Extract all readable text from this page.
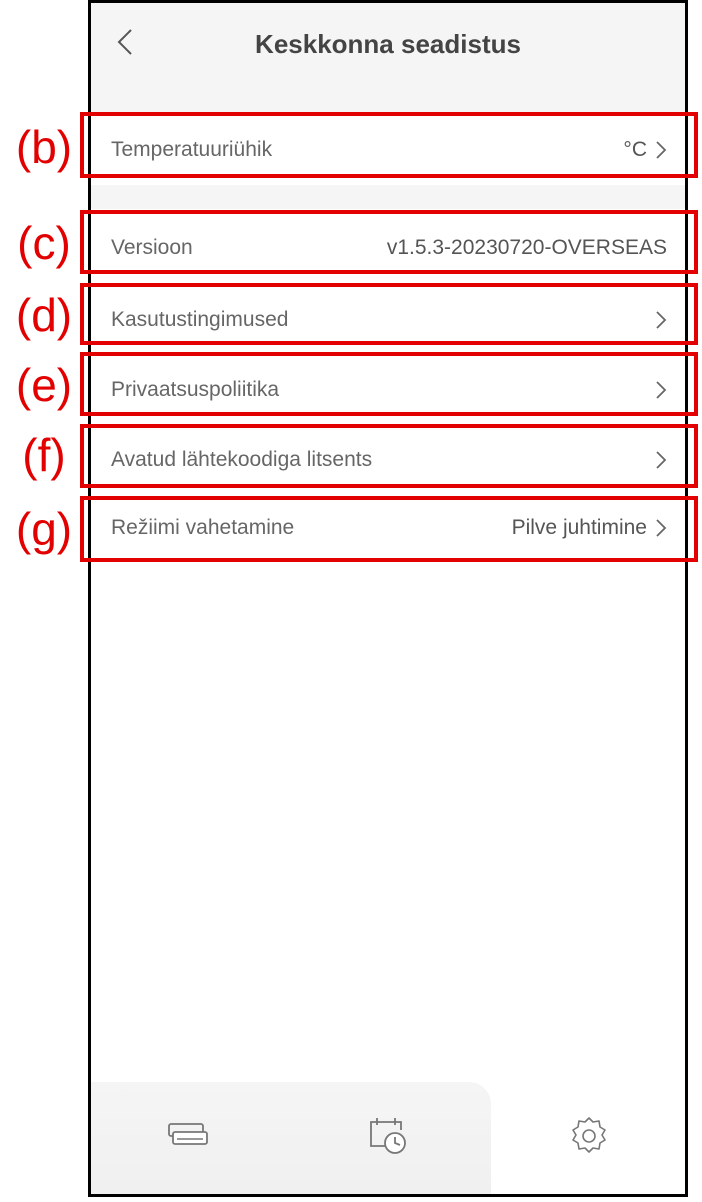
Keskkonna seadistus
Temperatuuriühik	°C
Versioon	v1.5.3-20230720-OVERSEAS
Kasutustingimused
Privaatsuspoliitika
Avatud lähtekoodiga litsents
Režiimi vahetamine	Pilve juhtimine
(b)
(c)
(d)
(e)
(f)
(g)
